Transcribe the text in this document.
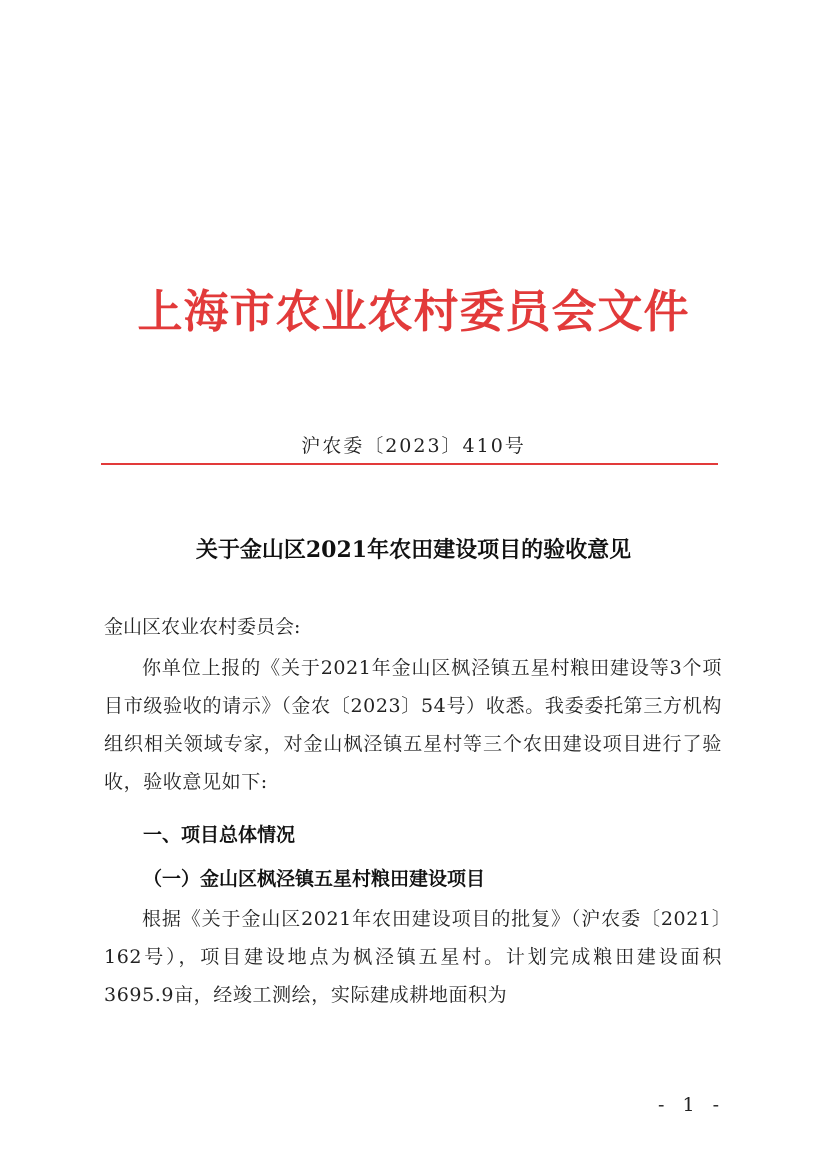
上海市农业农村委员会文件
沪农委〔2023〕410号
关于金山区2021年农田建设项目的验收意见
金山区农业农村委员会:

你单位上报的《关于2021年金山区枫泾镇五星村粮田建设等3个项目市级验收的请示》（金农〔2023〕54号）收悉。我委委托第三方机构组织相关领域专家，对金山枫泾镇五星村等三个农田建设项目进行了验收，验收意见如下:

一、项目总体情况
（一）金山区枫泾镇五星村粮田建设项目

根据《关于金山区2021年农田建设项目的批复》（沪农委〔2021〕162号），项目建设地点为枫泾镇五星村。计划完成粮田建设面积3695.9亩，经竣工测绘，实际建成耕地面积为

- 1 -
